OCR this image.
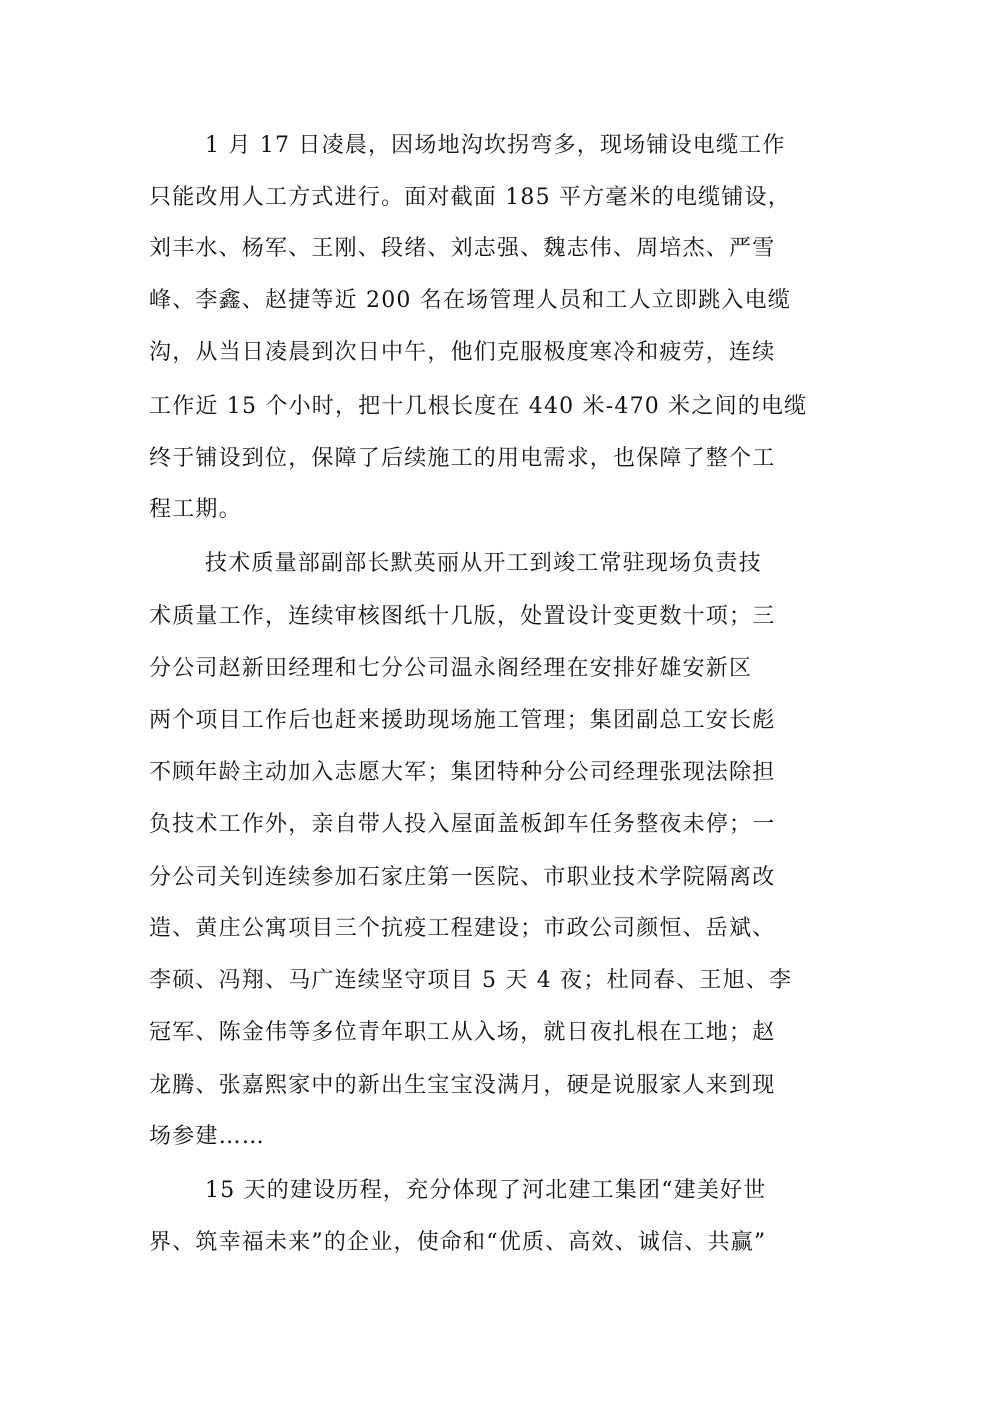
1 月 17 日凌晨，因场地沟坎拐弯多，现场铺设电缆工作
只能改用人工方式进行。面对截面 185 平方毫米的电缆铺设，
刘丰水、杨军、王刚、段绪、刘志强、魏志伟、周培杰、严雪
峰、李鑫、赵捷等近 200 名在场管理人员和工人立即跳入电缆
沟，从当日凌晨到次日中午，他们克服极度寒冷和疲劳，连续
工作近 15 个小时，把十几根长度在 440 米-470 米之间的电缆
终于铺设到位，保障了后续施工的用电需求，也保障了整个工
程工期。
技术质量部副部长默英丽从开工到竣工常驻现场负责技
术质量工作，连续审核图纸十几版，处置设计变更数十项；三
分公司赵新田经理和七分公司温永阁经理在安排好雄安新区
两个项目工作后也赶来援助现场施工管理；集团副总工安长彪
不顾年龄主动加入志愿大军；集团特种分公司经理张现法除担
负技术工作外，亲自带人投入屋面盖板卸车任务整夜未停；一
分公司关钊连续参加石家庄第一医院、市职业技术学院隔离改
造、黄庄公寓项目三个抗疫工程建设；市政公司颜恒、岳斌、
李硕、冯翔、马广连续坚守项目 5 天 4 夜；杜同春、王旭、李
冠军、陈金伟等多位青年职工从入场，就日夜扎根在工地；赵
龙腾、张嘉熙家中的新出生宝宝没满月，硬是说服家人来到现
场参建……
15 天的建设历程，充分体现了河北建工集团“建美好世
界、筑幸福未来”的企业，使命和“优质、高效、诚信、共赢”
